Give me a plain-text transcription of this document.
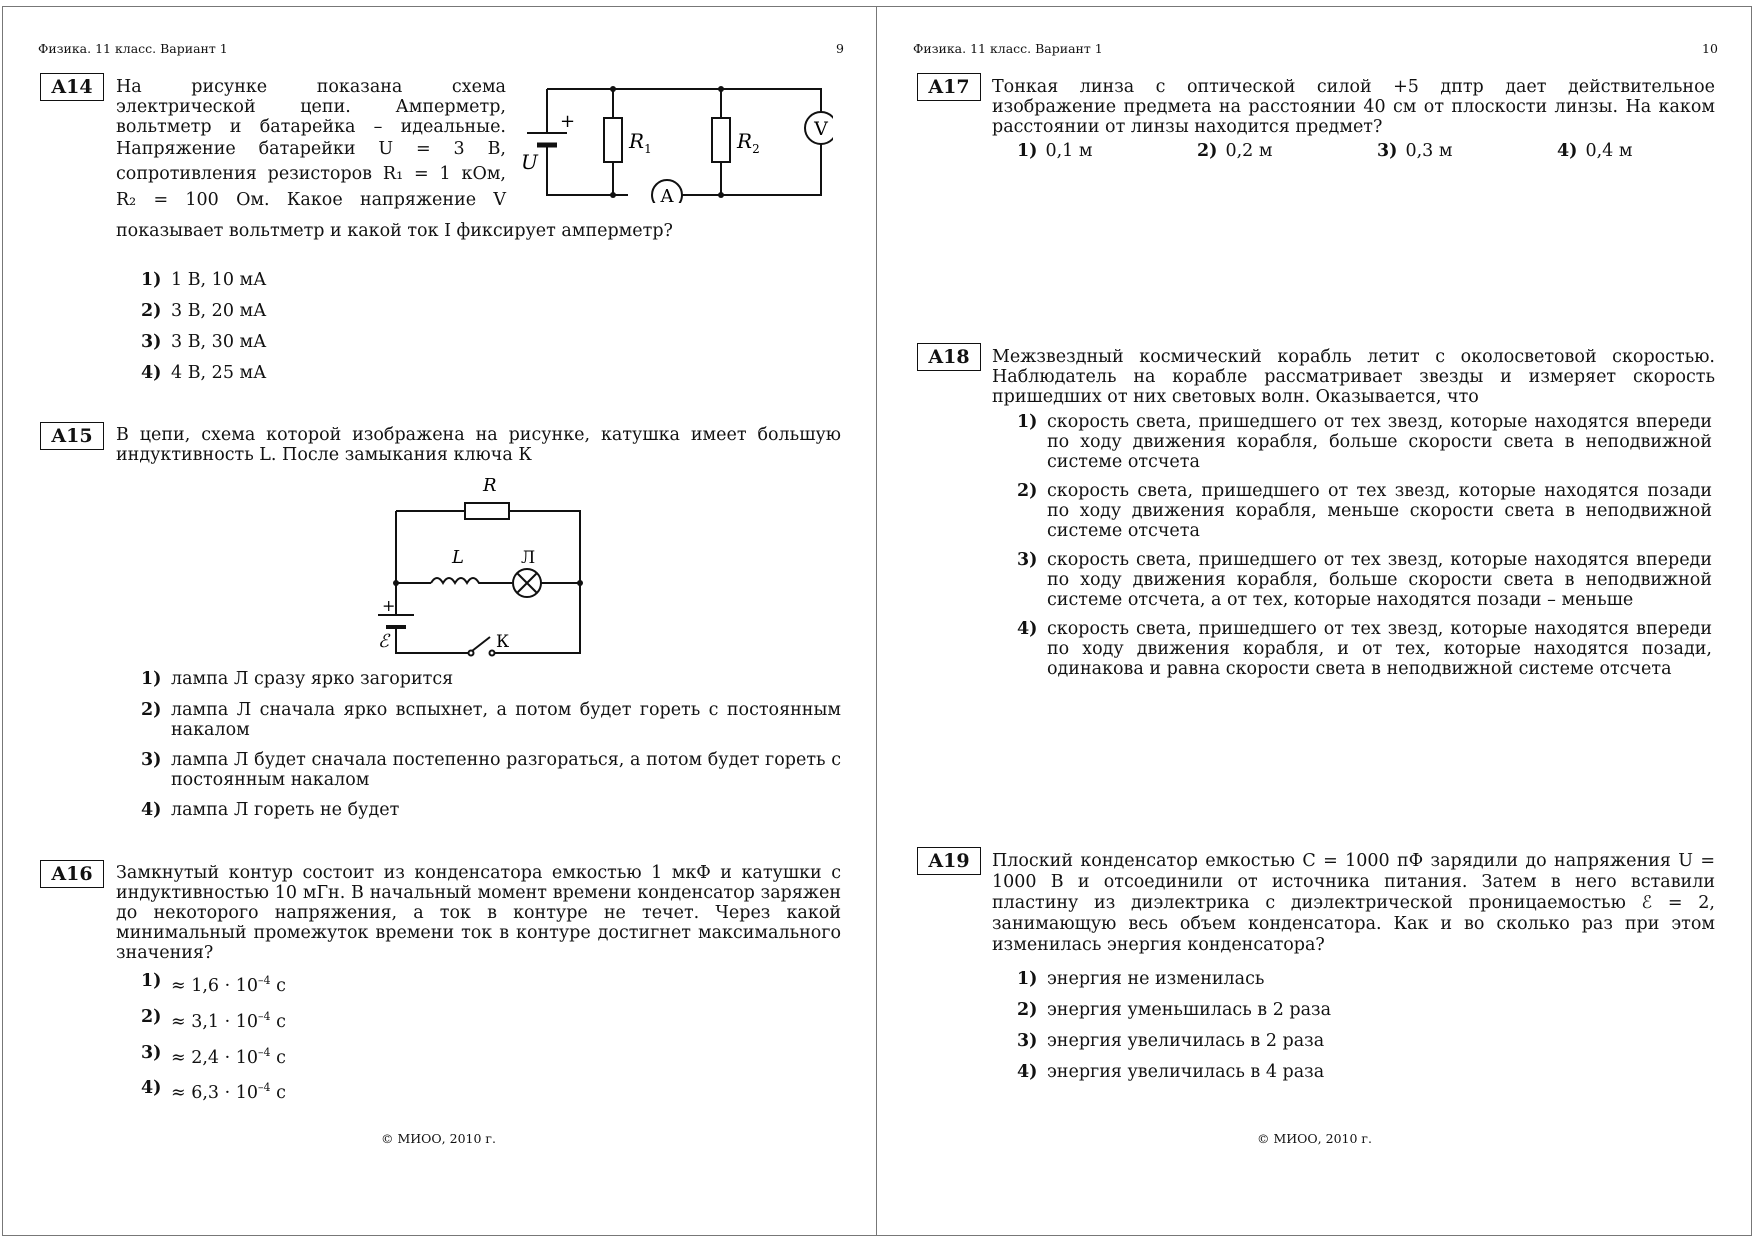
Физика. 11 класс. Вариант 1	9
A14	На рисунке показана схема
электрической цепи. Амперметр,
вольтметр и батарейка – идеальные.
Напряжение батарейки U = 3 В,
сопротивления резисторов R₁ = 1 кОм,
R₂ = 100 Ом. Какое напряжение V
показывает вольтметр и какой ток I фиксирует амперметр?
+
U
$R_1$	$R_2$
V
A
1) 1 В, 10 мА
2) 3 В, 20 мА
3) 3 В, 30 мА
4) 4 В, 25 мА
A15	В цепи, схема которой изображена на рисунке, катушка имеет большую индуктивность L. После замыкания ключа К
R
L	Л
+
ℰ	К
1) лампа Л сразу ярко загорится
2) лампа Л сначала ярко вспыхнет, а потом будет гореть с постоянным накалом
3) лампа Л будет сначала постепенно разгораться, а потом будет гореть с постоянным накалом
4) лампа Л гореть не будет
A16	Замкнутый контур состоит из конденсатора емкостью 1 мкФ и катушки с индуктивностью 10 мГн. В начальный момент времени конденсатор заряжен до некоторого напряжения, а ток в контуре не течет. Через какой минимальный промежуток времени ток в контуре достигнет максимального значения?
$1) \approx 1,6 \cdot 10^{-4}$ с
$2) \approx 3,1 \cdot 10^{-4}$ с
$3) \approx 2,4 \cdot 10^{-4}$ с
$4) \approx 6,3 \cdot 10^{-4}$ с
© МИОО, 2010 г.
Физика. 11 класс. Вариант 1	10
A17	Тонкая линза с оптической силой +5 дптр дает действительное изображение предмета на расстоянии 40 см от плоскости линзы. На каком расстоянии от линзы находится предмет?
1) 0,1 м	2) 0,2 м	3) 0,3 м	4) 0,4 м
A18	Межзвездный космический корабль летит с околосветовой скоростью. Наблюдатель на корабле рассматривает звезды и измеряет скорость пришедших от них световых волн. Оказывается, что
1) скорость света, пришедшего от тех звезд, которые находятся впереди по ходу движения корабля, больше скорости света в неподвижной системе отсчета
2) скорость света, пришедшего от тех звезд, которые находятся позади по ходу движения корабля, меньше скорости света в неподвижной системе отсчета
3) скорость света, пришедшего от тех звезд, которые находятся впереди по ходу движения корабля, больше скорости света в неподвижной системе отсчета, а от тех, которые находятся позади – меньше
4) скорость света, пришедшего от тех звезд, которые находятся впереди по ходу движения корабля, и от тех, которые находятся позади, одинакова и равна скорости света в неподвижной системе отсчета
A19	Плоский конденсатор емкостью C = 1000 пФ зарядили до напряжения U = 1000 В и отсоединили от источника питания. Затем в него вставили пластину из диэлектрика с диэлектрической проницаемостью ℰ = 2, занимающую весь объем конденсатора. Как и во сколько раз при этом изменилась энергия конденсатора?
1) энергия не изменилась
2) энергия уменьшилась в 2 раза
3) энергия увеличилась в 2 раза
4) энергия увеличилась в 4 раза
© МИОО, 2010 г.
